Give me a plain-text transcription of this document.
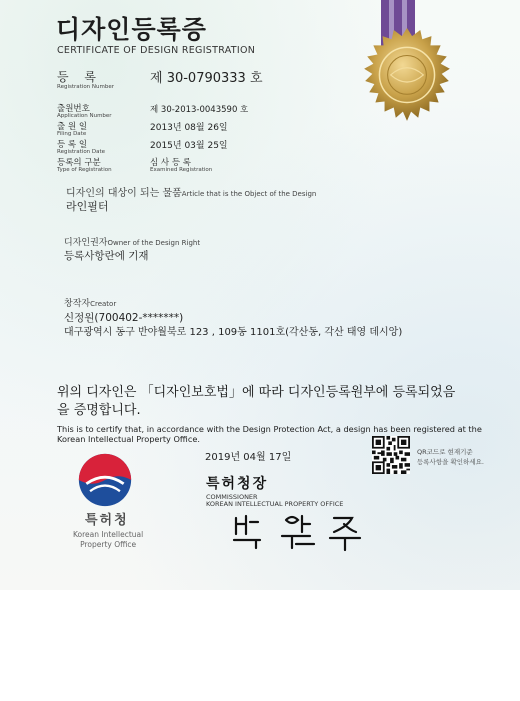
디자인등록증
CERTIFICATE OF DESIGN REGISTRATION
등 록
Registration Number
제 30-0790333 호
출원번호
Application Number
제 30-2013-0043590 호
출 원 일
Filing Date
2013년 08월 26일
등 록 일
Registration Date
2015년 03월 25일
등록의 구분
Type of Registration
심 사 등 록
Examined Registration
디자인의 대상이 되는 물품Article that is the Object of the Design
라인필터
디자인권자Owner of the Design Right
등록사항란에 기재
창작자Creator
신정원(700402-*******)
대구광역시 동구 반야월북로 123 , 109동 1101호(각산동, 각산 태영 데시앙)
위의 디자인은 「디자인보호법」에 따라 디자인등록원부에 등록되었음을 증명합니다.
This is to certify that, in accordance with the Design Protection Act, a design has been registered at the Korean Intellectual Property Office.
특허청
Korean Intellectual
Property Office
2019년 04월 17일
특허청장
COMMISSIONER
KOREAN INTELLECTUAL PROPERTY OFFICE
QR코드로 현재기준
등록사항을 확인하세요.
